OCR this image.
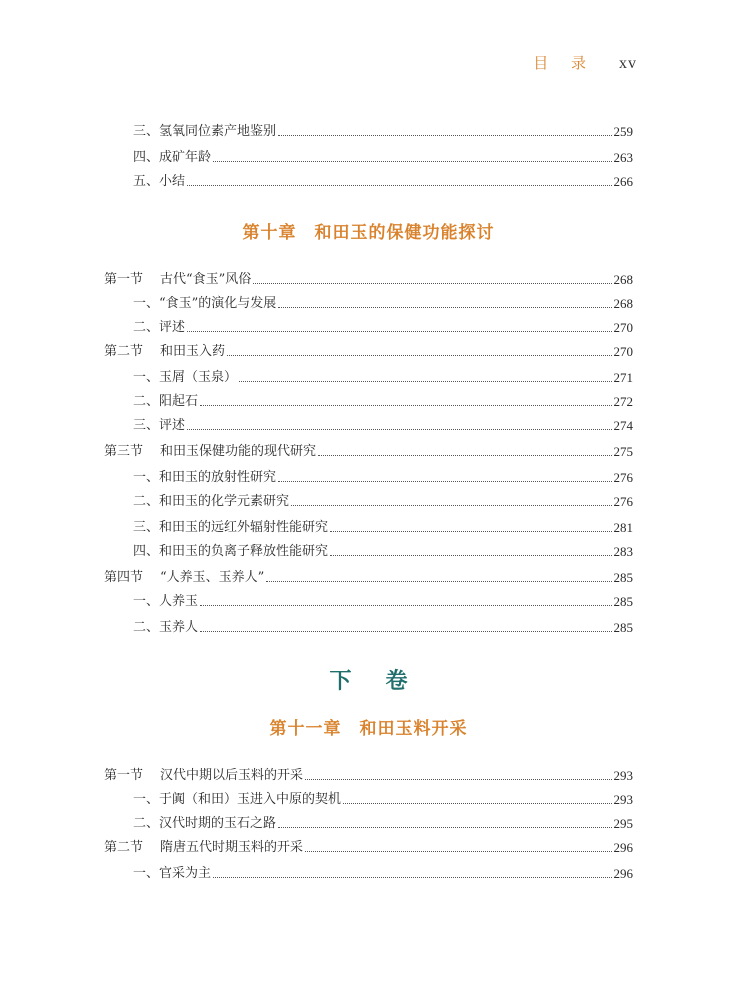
目 录 xv
三、氢氧同位素产地鉴别	259
四、成矿年龄	263
五、小结	266
第十章　和田玉的保健功能探讨
第一节	古代“食玉”风俗	268
一、“食玉”的演化与发展	268
二、评述	270
第二节	和田玉入药	270
一、玉屑（玉泉）	271
二、阳起石	272
三、评述	274
第三节	和田玉保健功能的现代研究	275
一、和田玉的放射性研究	276
二、和田玉的化学元素研究	276
三、和田玉的远红外辐射性能研究	281
四、和田玉的负离子释放性能研究	283
第四节	“人养玉、玉养人”	285
一、人养玉	285
二、玉养人	285
下卷
第十一章　和田玉料开采
第一节	汉代中期以后玉料的开采	293
一、于阗（和田）玉进入中原的契机	293
二、汉代时期的玉石之路	295
第二节	隋唐五代时期玉料的开采	296
一、官采为主	296
